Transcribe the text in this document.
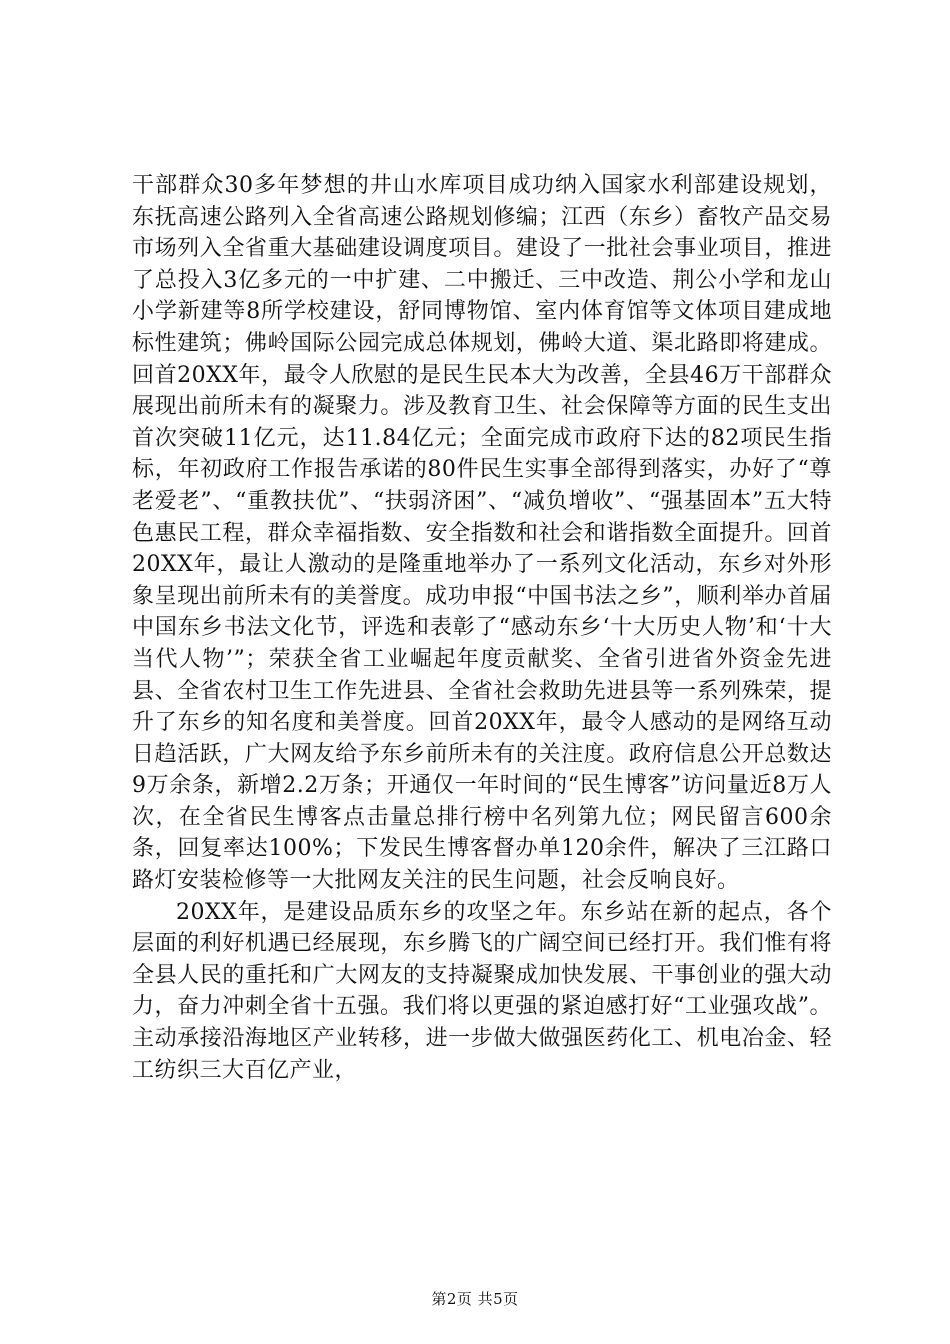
干部群众30多年梦想的井山水库项目成功纳入国家水利部建设规划，东抚高速公路列入全省高速公路规划修编；江西（东乡）畜牧产品交易市场列入全省重大基础建设调度项目。建设了一批社会事业项目，推进了总投入3亿多元的一中扩建、二中搬迁、三中改造、荆公小学和龙山小学新建等8所学校建设，舒同博物馆、室内体育馆等文体项目建成地标性建筑；佛岭国际公园完成总体规划，佛岭大道、渠北路即将建成。回首20XX年，最令人欣慰的是民生民本大为改善，全县46万干部群众展现出前所未有的凝聚力。涉及教育卫生、社会保障等方面的民生支出首次突破11亿元，达11.84亿元；全面完成市政府下达的82项民生指标，年初政府工作报告承诺的80件民生实事全部得到落实，办好了“尊老爱老”、“重教扶优”、“扶弱济困”、“减负增收”、“强基固本”五大特色惠民工程，群众幸福指数、安全指数和社会和谐指数全面提升。回首20XX年，最让人激动的是隆重地举办了一系列文化活动，东乡对外形象呈现出前所未有的美誉度。成功申报“中国书法之乡”，顺利举办首届中国东乡书法文化节，评选和表彰了“感动东乡‘十大历史人物’和‘十大当代人物’”；荣获全省工业崛起年度贡献奖、全省引进省外资金先进县、全省农村卫生工作先进县、全省社会救助先进县等一系列殊荣，提升了东乡的知名度和美誉度。回首20XX年，最令人感动的是网络互动日趋活跃，广大网友给予东乡前所未有的关注度。政府信息公开总数达9万余条，新增2.2万条；开通仅一年时间的“民生博客”访问量近8万人次，在全省民生博客点击量总排行榜中名列第九位；网民留言600余条，回复率达100%；下发民生博客督办单120余件，解决了三江路口路灯安装检修等一大批网友关注的民生问题，社会反响良好。

20XX年，是建设品质东乡的攻坚之年。东乡站在新的起点，各个层面的利好机遇已经展现，东乡腾飞的广阔空间已经打开。我们惟有将全县人民的重托和广大网友的支持凝聚成加快发展、干事创业的强大动力，奋力冲刺全省十五强。我们将以更强的紧迫感打好“工业强攻战”。主动承接沿海地区产业转移，进一步做大做强医药化工、机电冶金、轻工纺织三大百亿产业，

第2页 共5页
